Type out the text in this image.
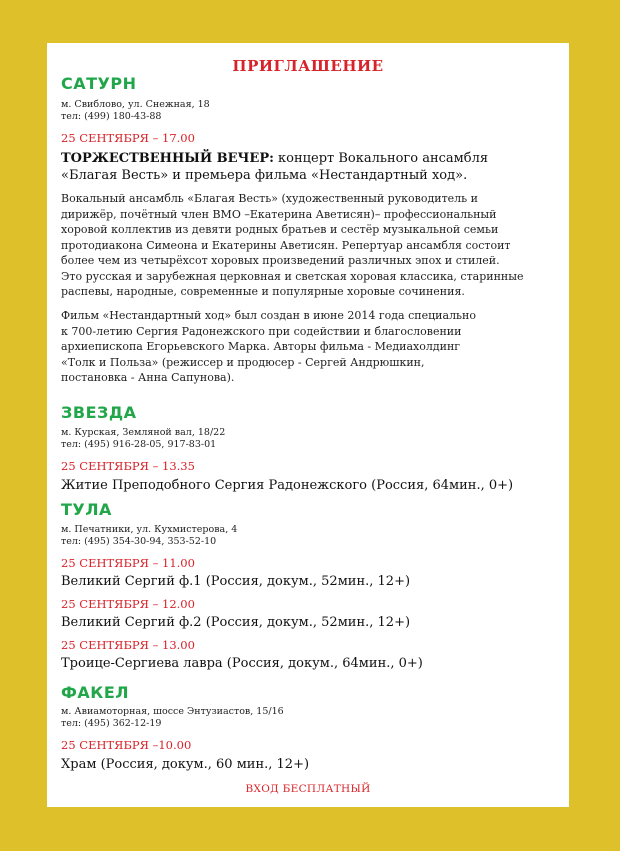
ПРИГЛАШЕНИЕ
САТУРН
м. Свиблово, ул. Снежная, 18
тел: (499) 180-43-88
25 СЕНТЯБРЯ – 17.00
ТОРЖЕСТВЕННЫЙ ВЕЧЕР: концерт Вокального ансамбля
«Благая Весть» и премьера фильма «Нестандартный ход».
Вокальный ансамбль «Благая Весть» (художественный руководитель и
дирижёр, почётный член ВМО –Екатерина Аветисян)– профессиональный
хоровой коллектив из девяти родных братьев и сестёр музыкальной семьи
протодиакона Симеона и Екатерины Аветисян. Репертуар ансамбля состоит
более чем из четырёхсот хоровых произведений различных эпох и стилей.
Это русская и зарубежная церковная и светская хоровая классика, старинные
распевы, народные, современные и популярные хоровые сочинения.
Фильм «Нестандартный ход» был создан в июне 2014 года специально
к 700-летию Сергия Радонежского при содействии и благословении
архиепископа Егорьевского Марка. Авторы фильма - Медиахолдинг
«Толк и Польза» (режиссер и продюсер - Сергей Андрюшкин,
постановка - Анна Сапунова).
ЗВЕЗДА
м. Курская, Земляной вал, 18/22
тел: (495) 916-28-05, 917-83-01
25 СЕНТЯБРЯ – 13.35
Житие Преподобного Сергия Радонежского (Россия, 64мин., 0+)
ТУЛА
м. Печатники, ул. Кухмистерова, 4
тел: (495) 354-30-94, 353-52-10
25 СЕНТЯБРЯ – 11.00
Великий Сергий ф.1 (Россия, докум., 52мин., 12+)
25 СЕНТЯБРЯ – 12.00
Великий Сергий ф.2 (Россия, докум., 52мин., 12+)
25 СЕНТЯБРЯ – 13.00
Троице-Сергиева лавра (Россия, докум., 64мин., 0+)
ФАКЕЛ
м. Авиамоторная, шоссе Энтузиастов, 15/16
тел: (495) 362-12-19
25 СЕНТЯБРЯ –10.00
Храм (Россия, докум., 60 мин., 12+)
ВХОД БЕСПЛАТНЫЙ
